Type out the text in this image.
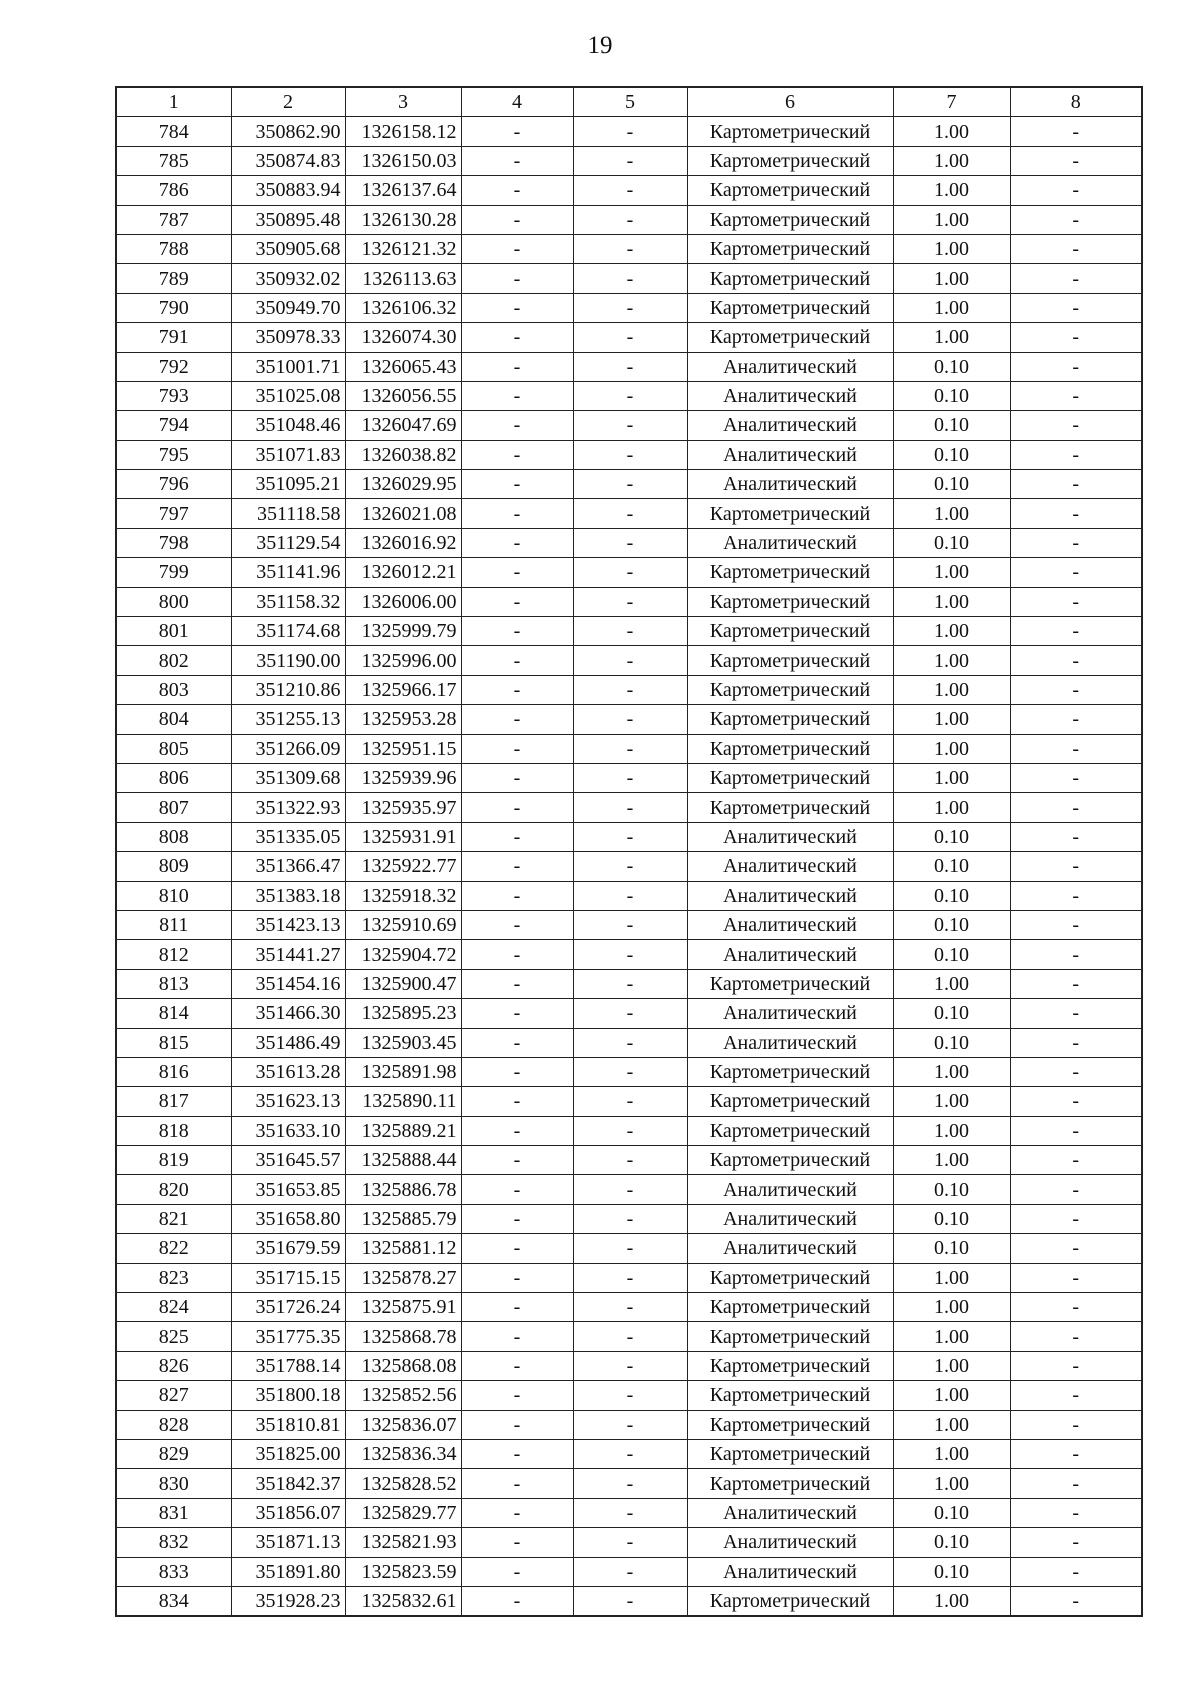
19
1	2	3	4	5	6	7	8
784	350862.90	1326158.12	-	-	Картометрический	1.00	-
785	350874.83	1326150.03	-	-	Картометрический	1.00	-
786	350883.94	1326137.64	-	-	Картометрический	1.00	-
787	350895.48	1326130.28	-	-	Картометрический	1.00	-
788	350905.68	1326121.32	-	-	Картометрический	1.00	-
789	350932.02	1326113.63	-	-	Картометрический	1.00	-
790	350949.70	1326106.32	-	-	Картометрический	1.00	-
791	350978.33	1326074.30	-	-	Картометрический	1.00	-
792	351001.71	1326065.43	-	-	Аналитический	0.10	-
793	351025.08	1326056.55	-	-	Аналитический	0.10	-
794	351048.46	1326047.69	-	-	Аналитический	0.10	-
795	351071.83	1326038.82	-	-	Аналитический	0.10	-
796	351095.21	1326029.95	-	-	Аналитический	0.10	-
797	351118.58	1326021.08	-	-	Картометрический	1.00	-
798	351129.54	1326016.92	-	-	Аналитический	0.10	-
799	351141.96	1326012.21	-	-	Картометрический	1.00	-
800	351158.32	1326006.00	-	-	Картометрический	1.00	-
801	351174.68	1325999.79	-	-	Картометрический	1.00	-
802	351190.00	1325996.00	-	-	Картометрический	1.00	-
803	351210.86	1325966.17	-	-	Картометрический	1.00	-
804	351255.13	1325953.28	-	-	Картометрический	1.00	-
805	351266.09	1325951.15	-	-	Картометрический	1.00	-
806	351309.68	1325939.96	-	-	Картометрический	1.00	-
807	351322.93	1325935.97	-	-	Картометрический	1.00	-
808	351335.05	1325931.91	-	-	Аналитический	0.10	-
809	351366.47	1325922.77	-	-	Аналитический	0.10	-
810	351383.18	1325918.32	-	-	Аналитический	0.10	-
811	351423.13	1325910.69	-	-	Аналитический	0.10	-
812	351441.27	1325904.72	-	-	Аналитический	0.10	-
813	351454.16	1325900.47	-	-	Картометрический	1.00	-
814	351466.30	1325895.23	-	-	Аналитический	0.10	-
815	351486.49	1325903.45	-	-	Аналитический	0.10	-
816	351613.28	1325891.98	-	-	Картометрический	1.00	-
817	351623.13	1325890.11	-	-	Картометрический	1.00	-
818	351633.10	1325889.21	-	-	Картометрический	1.00	-
819	351645.57	1325888.44	-	-	Картометрический	1.00	-
820	351653.85	1325886.78	-	-	Аналитический	0.10	-
821	351658.80	1325885.79	-	-	Аналитический	0.10	-
822	351679.59	1325881.12	-	-	Аналитический	0.10	-
823	351715.15	1325878.27	-	-	Картометрический	1.00	-
824	351726.24	1325875.91	-	-	Картометрический	1.00	-
825	351775.35	1325868.78	-	-	Картометрический	1.00	-
826	351788.14	1325868.08	-	-	Картометрический	1.00	-
827	351800.18	1325852.56	-	-	Картометрический	1.00	-
828	351810.81	1325836.07	-	-	Картометрический	1.00	-
829	351825.00	1325836.34	-	-	Картометрический	1.00	-
830	351842.37	1325828.52	-	-	Картометрический	1.00	-
831	351856.07	1325829.77	-	-	Аналитический	0.10	-
832	351871.13	1325821.93	-	-	Аналитический	0.10	-
833	351891.80	1325823.59	-	-	Аналитический	0.10	-
834	351928.23	1325832.61	-	-	Картометрический	1.00	-
